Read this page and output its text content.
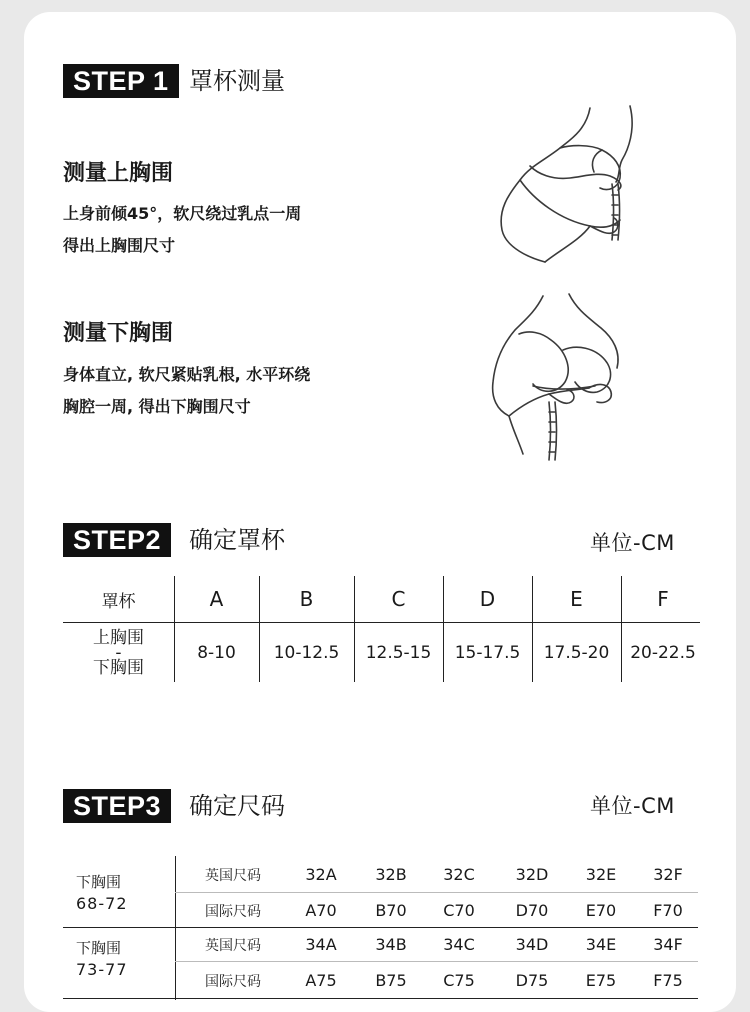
STEP 1 罩杯测量
测量上胸围
上身前倾45°，软尺绕过乳点一周
得出上胸围尺寸
测量下胸围
身体直立, 软尺紧贴乳根, 水平环绕
胸腔一周, 得出下胸围尺寸
STEP2	确定罩杯	单位-CM
罩杯	A	B	C	D	E	F
上胸围
-
下胸围
8-10	10-12.5	12.5-15	15-17.5	17.5-20	20-22.5
STEP3	确定尺码	单位-CM
下胸围
68-72
英国尺码	32A	32B	32C	32D	32E	32F
国际尺码	A70	B70	C70	D70	E70	F70
下胸围
73-77
英国尺码	34A	34B	34C	34D	34E	34F
国际尺码	A75	B75	C75	D75	E75	F75
